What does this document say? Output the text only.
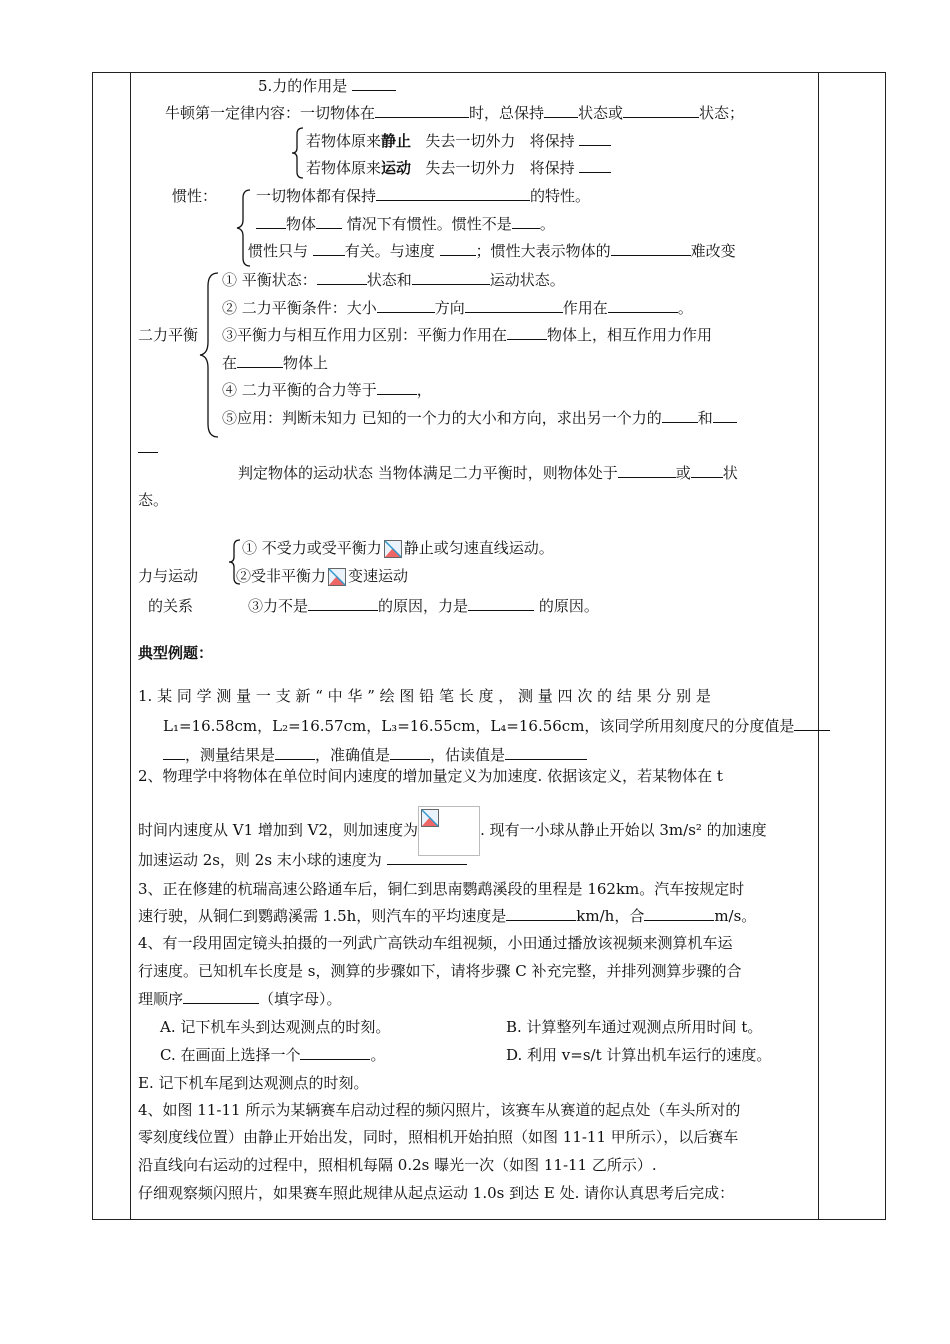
5.力的作用是
牛顿第一定律内容：一切物体在	时，总保持 状态或	状态；
若物体原来静止 失去一切外力 将保持
若物体原来运动 失去一切外力 将保持
惯性：	一切物体都有保持	的特性。
物体 情况下有惯性。惯性不是 。
惯性只与 有关。与速度	；惯性大表示物体的	难改变
二力平衡
① 平衡状态：	状态和	运动状态。
② 二力平衡条件：大小	方向	作用在	。
③平衡力与相互作用力区别：平衡力作用在	物体上，相互作用力作用
在	物体上
④ 二力平衡的合力等于	，
⑤应用：判断未知力 已知的一个力的大小和方向，求出另一个力的 和
判定物体的运动状态 当物体满足二力平衡时，则物体处于	或 状
态。
① 不受力或受平衡力 静止或匀速直线运动。
力与运动	②受非平衡力 变速运动
的关系	③力不是	的原因，力是	的原因。
典型例题：
1. 某 同 学 测 量 一 支 新 “ 中 华 ” 绘 图 铅 笔 长 度 ， 测 量 四 次 的 结 果 分 别 是
L₁=16.58cm，L₂=16.57cm，L₃=16.55cm，L₄=16.56cm，该同学所用刻度尺的分度值是
，测量结果是	，准确值是	，估读值是
2、物理学中将物体在单位时间内速度的增加量定义为加速度. 依据该定义，若某物体在 t
时间内速度从 V1 增加到 V2，则加速度为	. 现有一小球从静止开始以 3m/s² 的加速度
加速运动 2s，则 2s 末小球的速度为
3、正在修建的杭瑞高速公路通车后，铜仁到思南鹦鹉溪段的里程是 162km。汽车按规定时
速行驶，从铜仁到鹦鹉溪需 1.5h，则汽车的平均速度是	km/h，合	m/s。
4、有一段用固定镜头拍摄的一列武广高铁动车组视频，小田通过播放该视频来测算机车运
行速度。已知机车长度是 s，测算的步骤如下，请将步骤 C 补充完整，并排列测算步骤的合
理顺序	（填字母）。
A. 记下机车头到达观测点的时刻。	B. 计算整列车通过观测点所用时间 t。
C. 在画面上选择一个	。	D. 利用 v=s/t 计算出机车运行的速度。
E. 记下机车尾到达观测点的时刻。
4、如图 11-11 所示为某辆赛车启动过程的频闪照片，该赛车从赛道的起点处（车头所对的
零刻度线位置）由静止开始出发，同时，照相机开始拍照（如图 11-11 甲所示），以后赛车
沿直线向右运动的过程中，照相机每隔 0.2s 曝光一次（如图 11-11 乙所示）.
仔细观察频闪照片，如果赛车照此规律从起点运动 1.0s 到达 E 处. 请你认真思考后完成：
